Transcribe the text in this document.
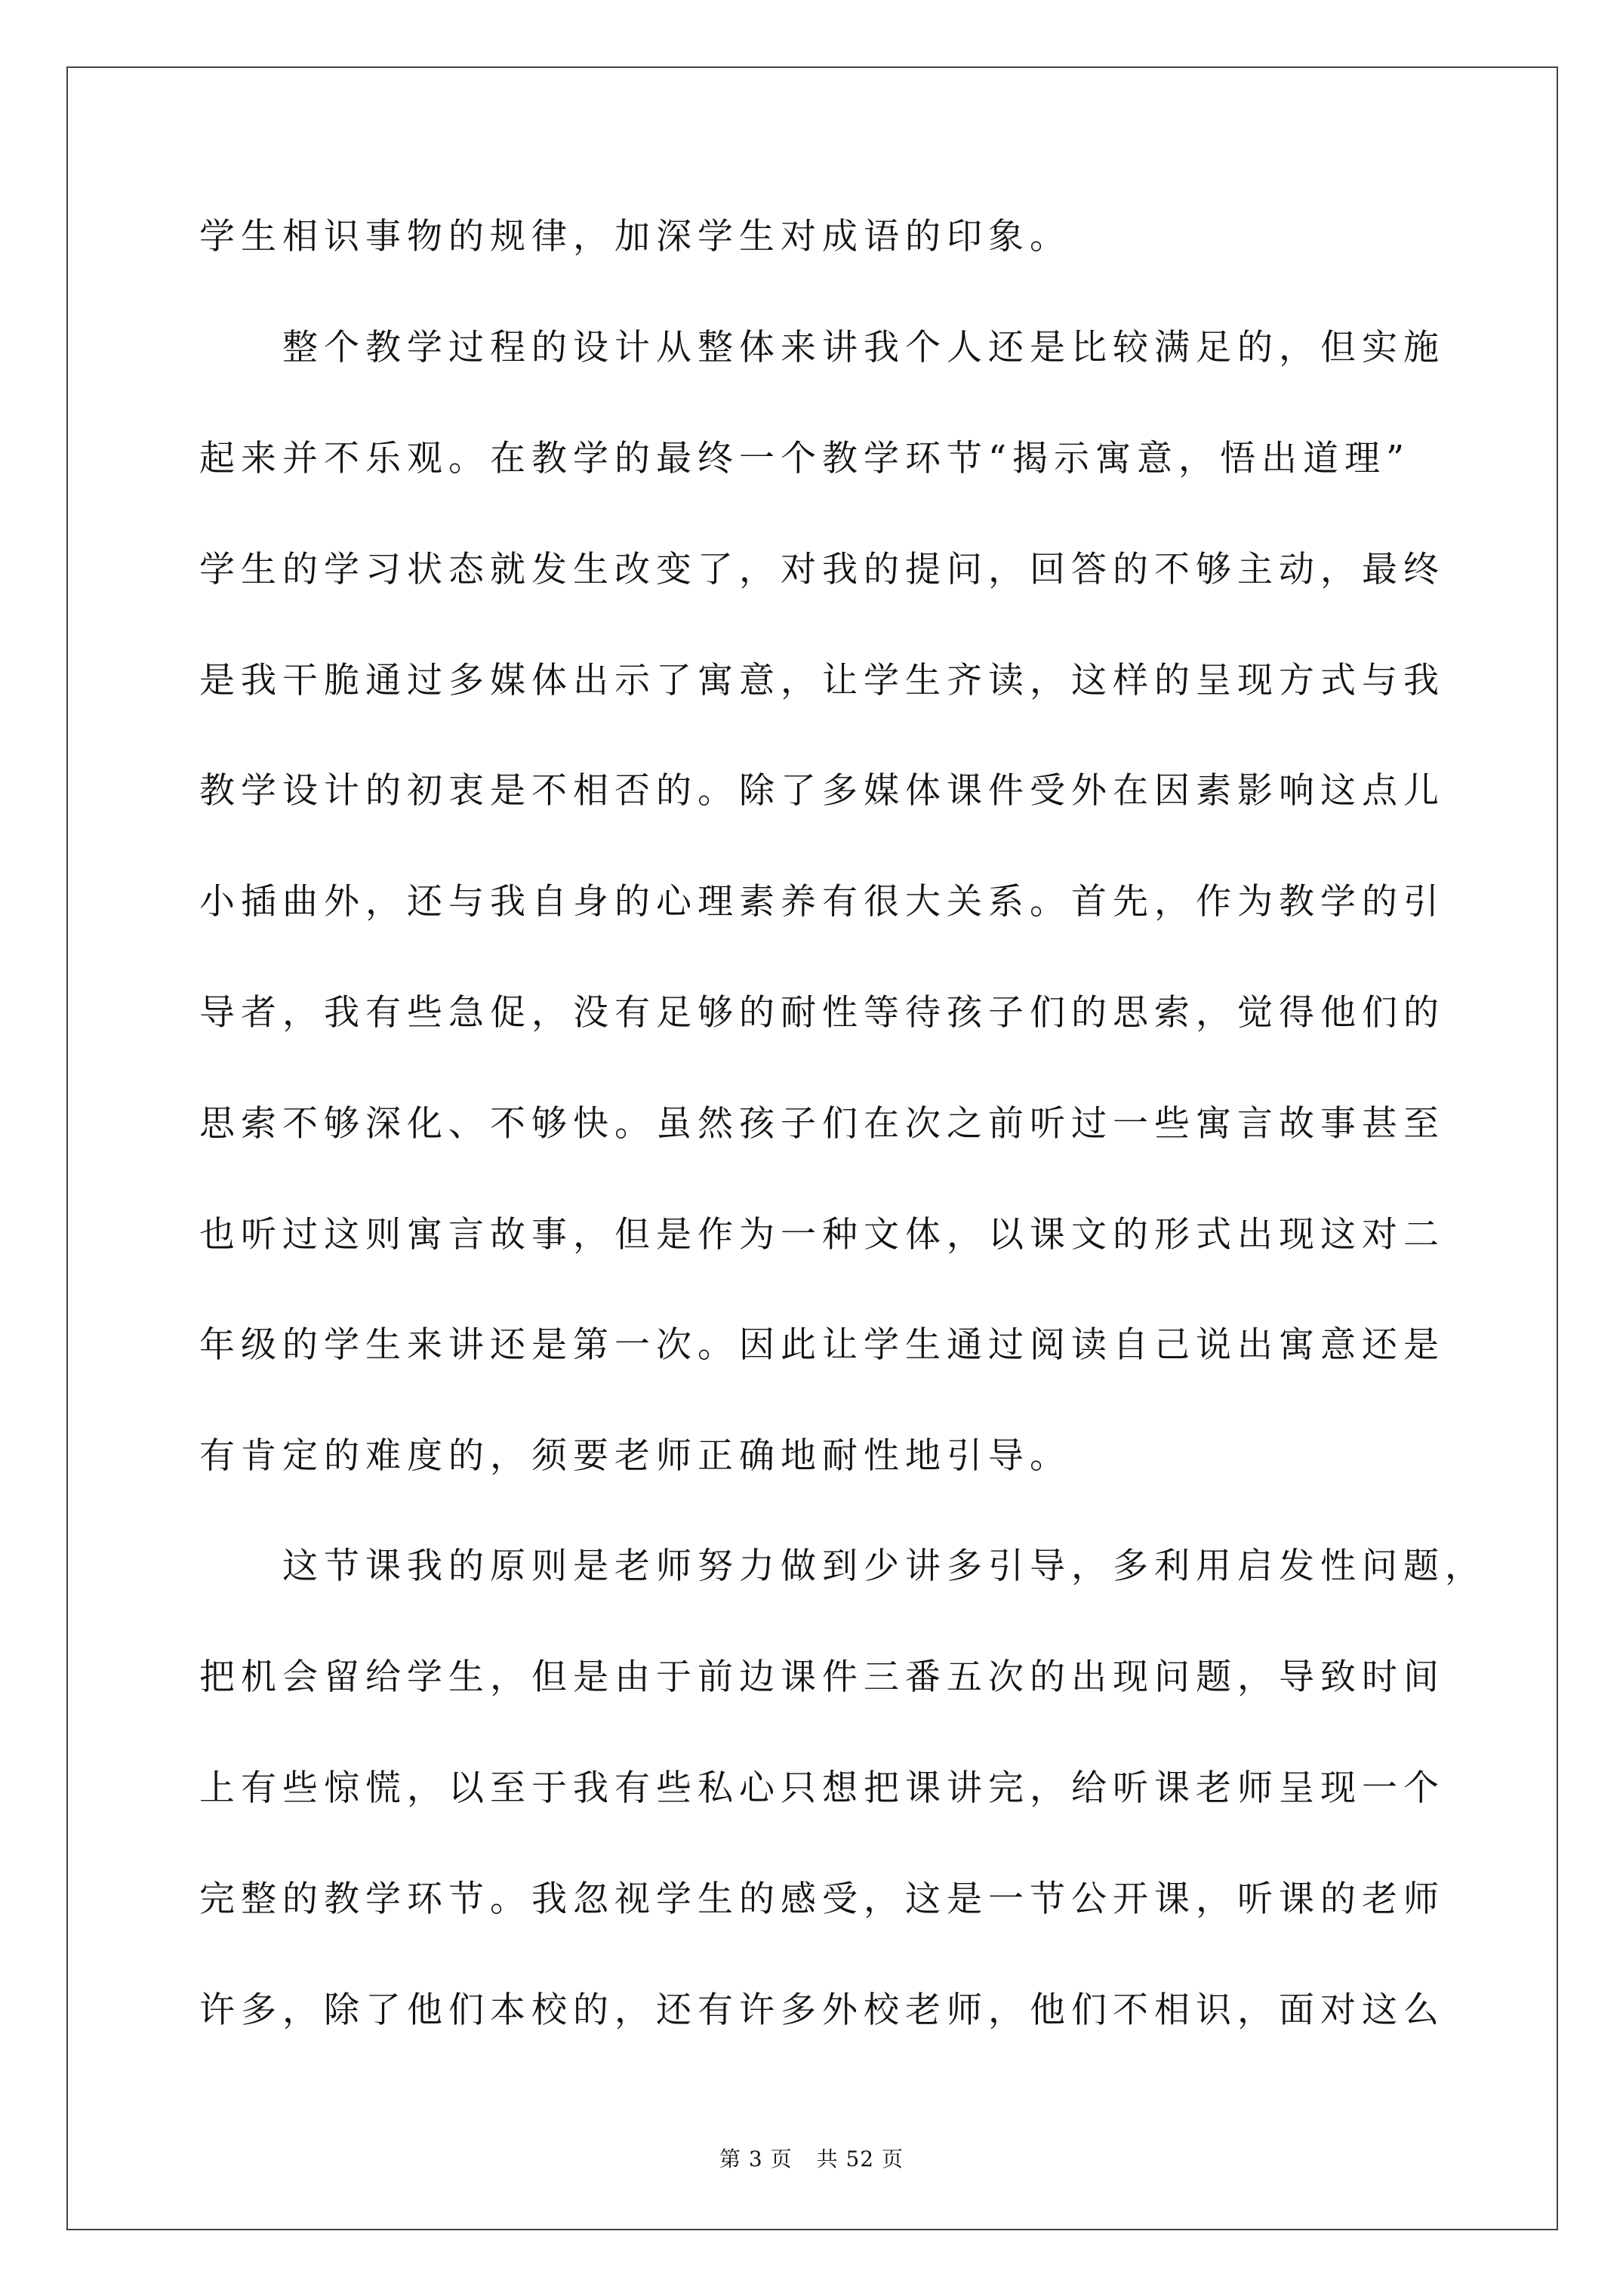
学生相识事物的规律，加深学生对成语的印象。

　　整个教学过程的设计从整体来讲我个人还是比较满足的，但实施

起来并不乐观。在教学的最终一个教学环节“揭示寓意，悟出道理”

学生的学习状态就发生改变了，对我的提问，回答的不够主动，最终

是我干脆通过多媒体出示了寓意，让学生齐读，这样的呈现方式与我

教学设计的初衷是不相否的。除了多媒体课件受外在因素影响这点儿

小插曲外，还与我自身的心理素养有很大关系。首先，作为教学的引

导者，我有些急促，没有足够的耐性等待孩子们的思索，觉得他们的

思索不够深化、不够快。虽然孩子们在次之前听过一些寓言故事甚至

也听过这则寓言故事，但是作为一种文体，以课文的形式出现这对二

年级的学生来讲还是第一次。因此让学生通过阅读自己说出寓意还是

有肯定的难度的，须要老师正确地耐性地引导。

　　这节课我的原则是老师努力做到少讲多引导，多利用启发性问题，

把机会留给学生，但是由于前边课件三番五次的出现问题，导致时间

上有些惊慌，以至于我有些私心只想把课讲完，给听课老师呈现一个

完整的教学环节。我忽视学生的感受，这是一节公开课，听课的老师

许多，除了他们本校的，还有许多外校老师，他们不相识，面对这么

第 3 页 共 52 页
